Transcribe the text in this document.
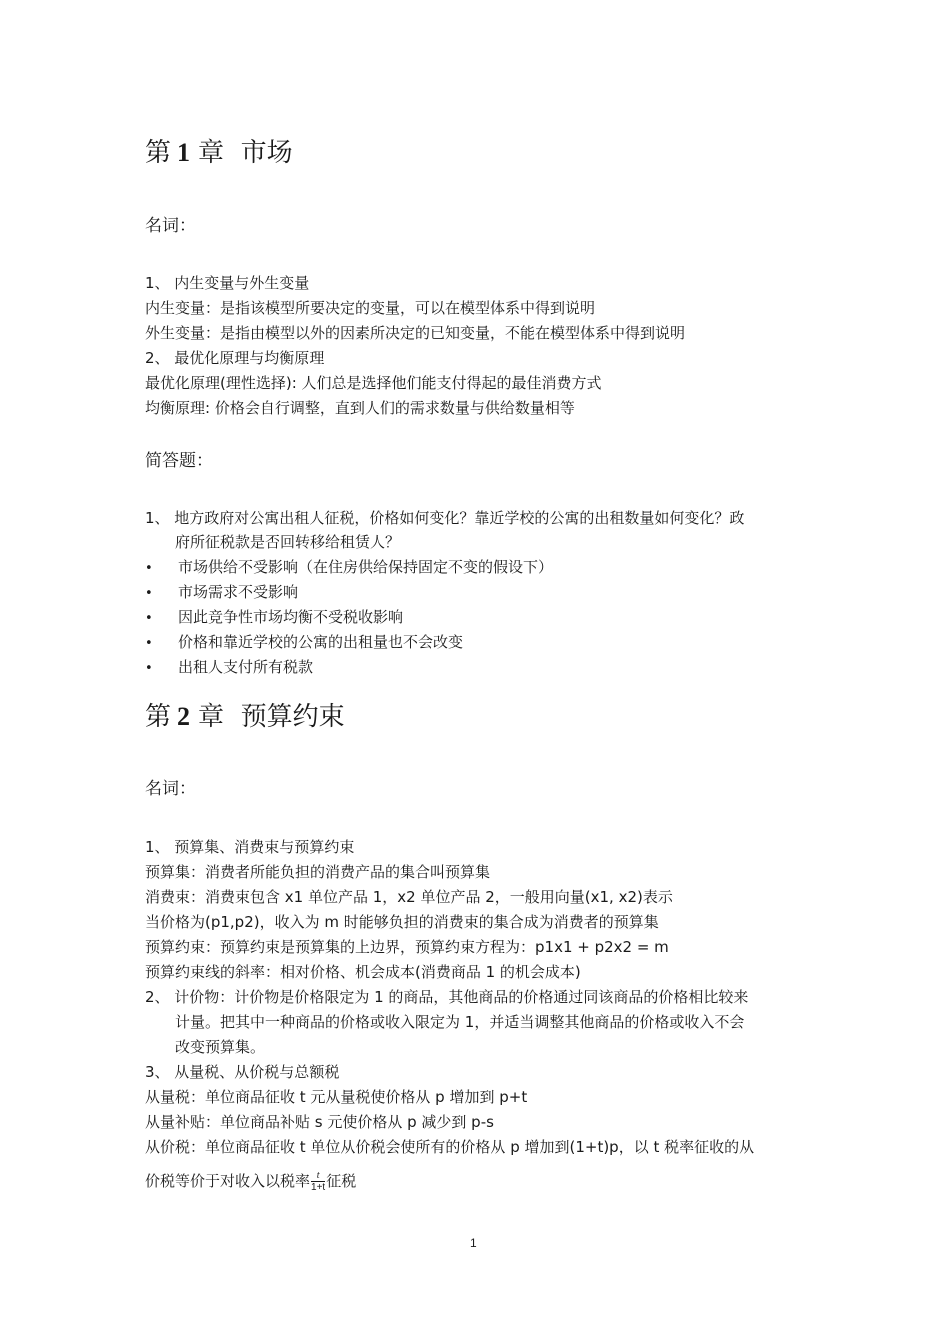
第 1 章 市场
名词：
1、 内生变量与外生变量
内生变量：是指该模型所要决定的变量，可以在模型体系中得到说明
外生变量：是指由模型以外的因素所决定的已知变量，不能在模型体系中得到说明
2、 最优化原理与均衡原理
最优化原理(理性选择): 人们总是选择他们能支付得起的最佳消费方式
均衡原理: 价格会自行调整，直到人们的需求数量与供给数量相等
简答题：
1、 地方政府对公寓出租人征税，价格如何变化？靠近学校的公寓的出租数量如何变化？政
府所征税款是否回转移给租赁人？
• 市场供给不受影响（在住房供给保持固定不变的假设下）
• 市场需求不受影响
• 因此竞争性市场均衡不受税收影响
• 价格和靠近学校的公寓的出租量也不会改变
• 出租人支付所有税款
第 2 章 预算约束
名词：
1、 预算集、消费束与预算约束
预算集：消费者所能负担的消费产品的集合叫预算集
消费束：消费束包含 x1 单位产品 1，x2 单位产品 2，一般用向量(x1, x2)表示
当价格为(p1,p2)，收入为 m 时能够负担的消费束的集合成为消费者的预算集
预算约束：预算约束是预算集的上边界，预算约束方程为：p1x1 + p2x2 = m
预算约束线的斜率：相对价格、机会成本(消费商品 1 的机会成本)
2、 计价物：计价物是价格限定为 1 的商品，其他商品的价格通过同该商品的价格相比较来
计量。把其中一种商品的价格或收入限定为 1，并适当调整其他商品的价格或收入不会
改变预算集。
3、 从量税、从价税与总额税
从量税：单位商品征收 t 元从量税使价格从 p 增加到 p+t
从量补贴：单位商品补贴 s 元使价格从 p 减少到 p-s
从价税：单位商品征收 t 单位从价税会使所有的价格从 p 增加到(1+t)p，以 t 税率征收的从
价税等价于对收入以税率 $\frac{t}{1+t}$ 征税
1
